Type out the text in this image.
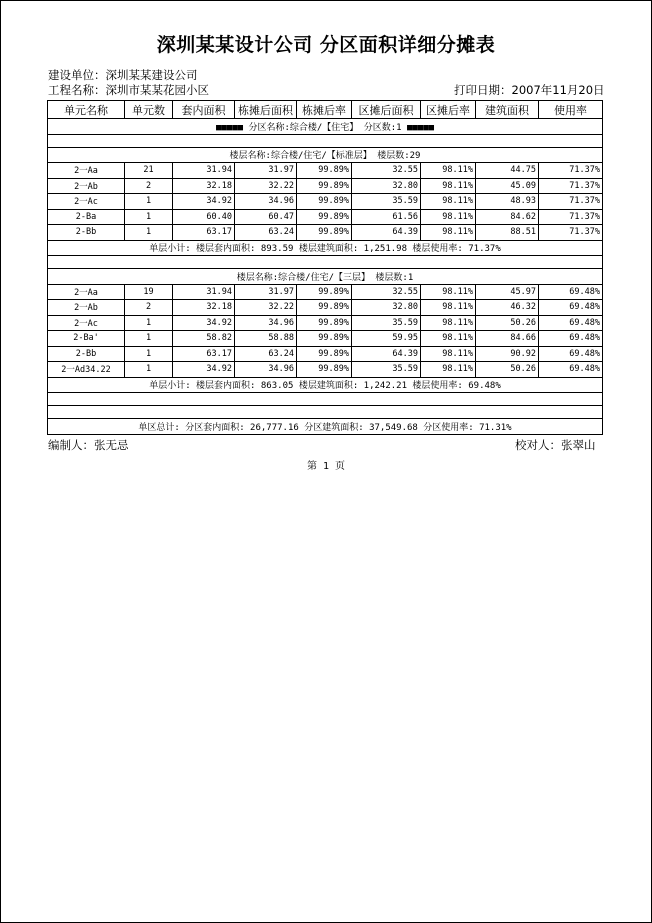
深圳某某设计公司 分区面积详细分摊表
建设单位：深圳某某建设公司
工程名称：深圳市某某花园小区	打印日期：2007年11月20日
单元名称	单元数	套内面积	栋摊后面积	栋摊后率	区摊后面积	区摊后率	建筑面积	使用率
■■■■■ 分区名称:综合楼/【住宅】 分区数:1 ■■■■■								

楼层名称:综合楼/住宅/【标准层】 楼层数:29								
2一Aa	21	31.94	31.97	99.89%	32.55	98.11%	44.75	71.37%
2一Ab	2	32.18	32.22	99.89%	32.80	98.11%	45.09	71.37%
2一Ac	1	34.92	34.96	99.89%	35.59	98.11%	48.93	71.37%
2-Ba	1	60.40	60.47	99.89%	61.56	98.11%	84.62	71.37%
2-Bb	1	63.17	63.24	99.89%	64.39	98.11%	88.51	71.37%
单层小计: 楼层套内面积: 893.59 楼层建筑面积: 1,251.98 楼层使用率: 71.37%								

楼层名称:综合楼/住宅/【三层】 楼层数:1								
2一Aa	19	31.94	31.97	99.89%	32.55	98.11%	45.97	69.48%
2一Ab	2	32.18	32.22	99.89%	32.80	98.11%	46.32	69.48%
2一Ac	1	34.92	34.96	99.89%	35.59	98.11%	50.26	69.48%
2-Ba'	1	58.82	58.88	99.89%	59.95	98.11%	84.66	69.48%
2-Bb	1	63.17	63.24	99.89%	64.39	98.11%	90.92	69.48%
2一Ad34.22	1	34.92	34.96	99.89%	35.59	98.11%	50.26	69.48%
单层小计: 楼层套内面积: 863.05 楼层建筑面积: 1,242.21 楼层使用率: 69.48%								

单区总计: 分区套内面积: 26,777.16 分区建筑面积: 37,549.68 分区使用率: 71.31%								
编制人：张无忌	校对人：张翠山
第 1 页
